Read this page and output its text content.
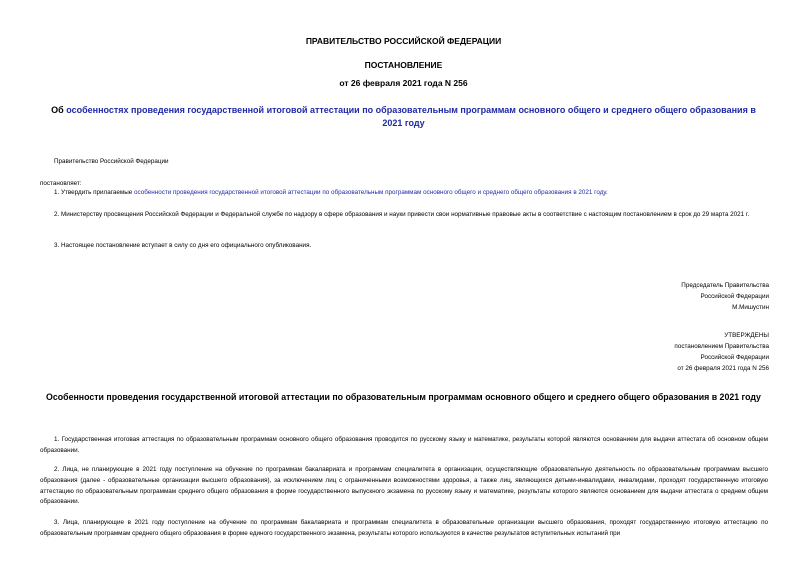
ПРАВИТЕЛЬСТВО РОССИЙСКОЙ ФЕДЕРАЦИИ
ПОСТАНОВЛЕНИЕ
от 26 февраля 2021 года N 256
Об особенностях проведения государственной итоговой аттестации по образовательным программам основного общего и среднего общего образования в 2021 году
Правительство Российской Федерации
постановляет:
1. Утвердить прилагаемые особенности проведения государственной итоговой аттестации по образовательным программам основного общего и среднего общего образования в 2021 году.
2. Министерству просвещения Российской Федерации и Федеральной службе по надзору в сфере образования и науки привести свои нормативные правовые акты в соответствие с настоящим постановлением в срок до 29 марта 2021 г.
3. Настоящее постановление вступает в силу со дня его официального опубликования.
Председатель Правительства
Российской Федерации
М.Мишустин
УТВЕРЖДЕНЫ
постановлением Правительства
Российской Федерации
от 26 февраля 2021 года N 256
Особенности проведения государственной итоговой аттестации по образовательным программам основного общего и среднего общего образования в 2021 году
1. Государственная итоговая аттестация по образовательным программам основного общего образования проводится по русскому языку и математике, результаты которой являются основанием для выдачи аттестата об основном общем образовании.
2. Лица, не планирующие в 2021 году поступление на обучение по программам бакалавриата и программам специалитета в организации, осуществляющие образовательную деятельность по образовательным программам высшего образования (далее - образовательные организации высшего образования), за исключением лиц с ограниченными возможностями здоровья, а также лиц, являющихся детьми-инвалидами, инвалидами, проходят государственную итоговую аттестацию по образовательным программам среднего общего образования в форме государственного выпускного экзамена по русскому языку и математике, результаты которого являются основанием для выдачи аттестата о среднем общем образовании.
3. Лица, планирующие в 2021 году поступление на обучение по программам бакалавриата и программам специалитета в образовательные организации высшего образования, проходят государственную итоговую аттестацию по образовательным программам среднего общего образования в форме единого государственного экзамена, результаты которого используются в качестве результатов вступительных испытаний при
